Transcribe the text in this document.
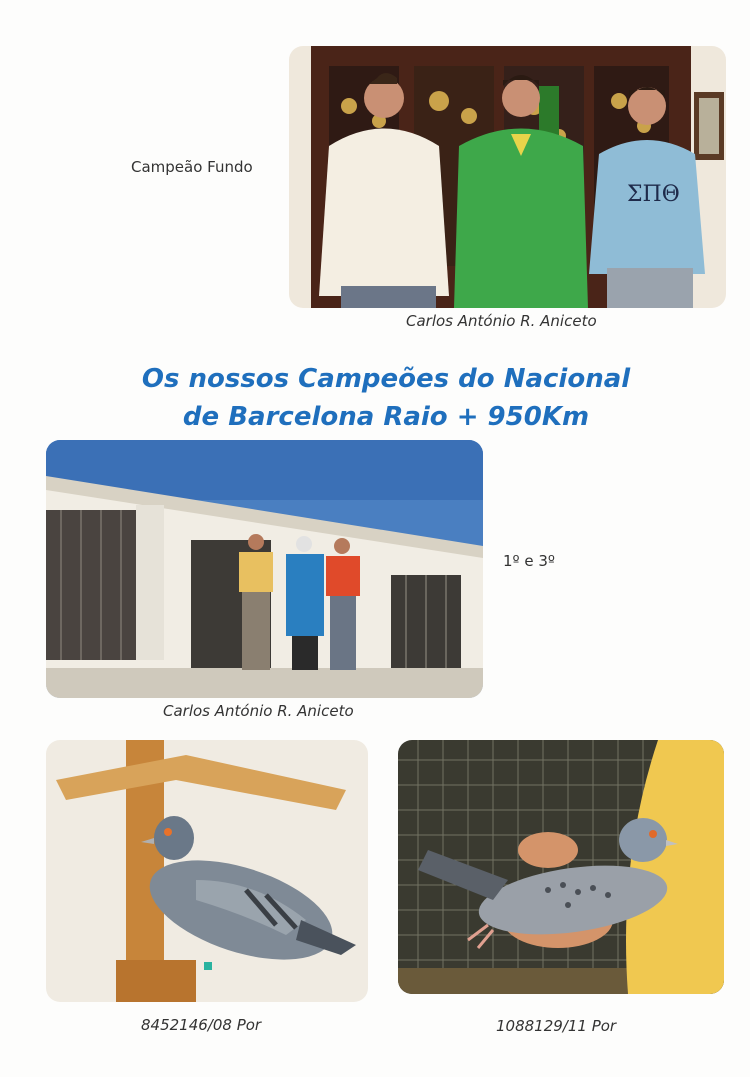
Campeão Fundo
ΣΠΘ
Carlos António R. Aniceto
Os nossos Campeões do Nacional
de Barcelona Raio + 950Km
1º e 3º
Carlos António R. Aniceto
8452146/08 Por	1088129/11 Por
